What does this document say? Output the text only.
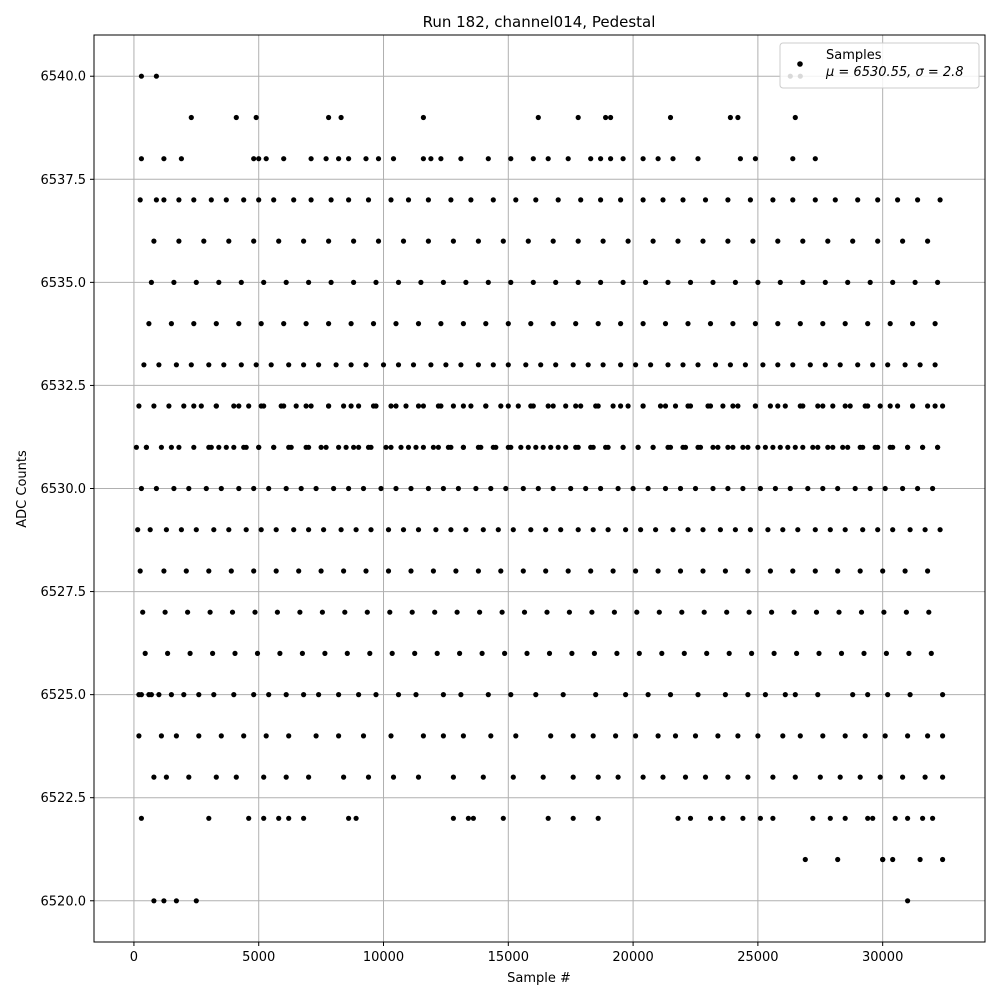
Run 182, channel014, Pedestal
0	5000	10000	15000	20000	25000	30000
6520.0
6522.5
6525.0
6527.5
6530.0
6532.5
6535.0
6537.5
6540.0
Sample #
ADC Counts
Samples
μ = 6530.55, σ = 2.8
